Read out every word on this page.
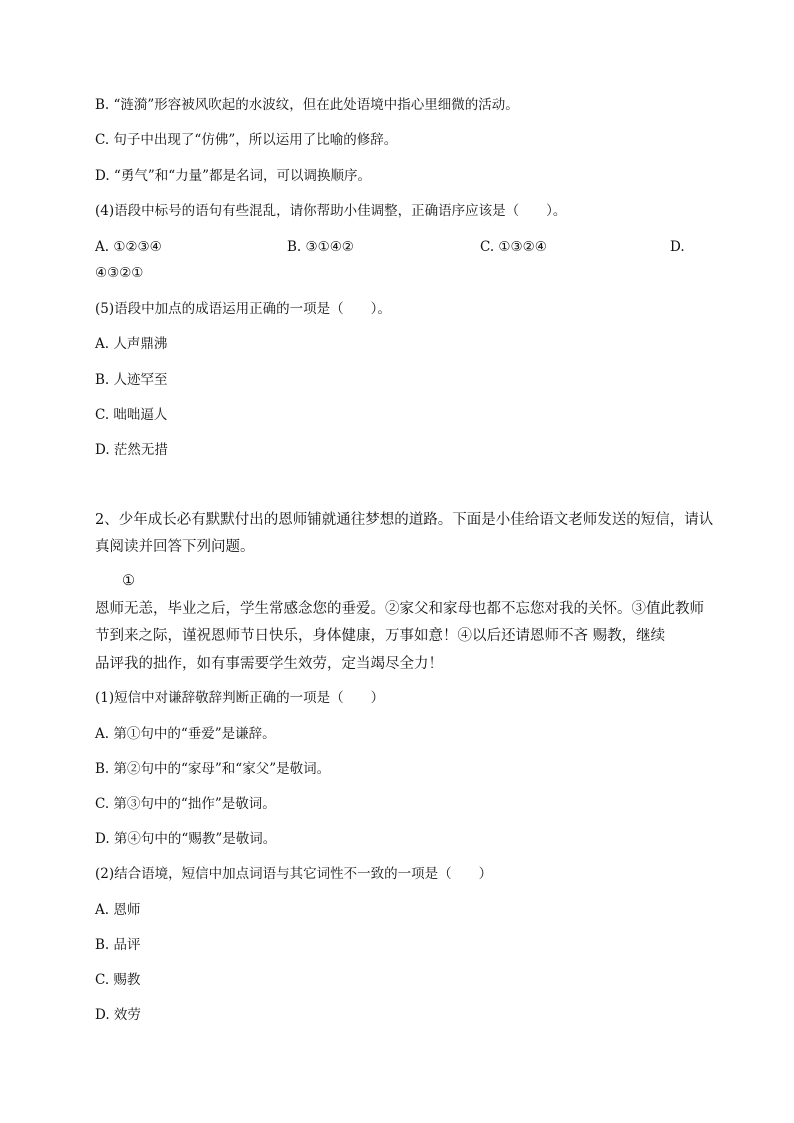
B. “涟漪”形容被风吹起的水波纹，但在此处语境中指心里细微的活动。
C. 句子中出现了“仿佛”，所以运用了比喻的修辞。
D. “勇气”和“力量”都是名词，可以调换顺序。
(4)语段中标号的语句有些混乱，请你帮助小佳调整，正确语序应该是（　　）。
A. ①②③④	B. ③①④②	C. ①③②④	D.
④③②①
(5)语段中加点的成语运用正确的一项是（　　）。
A. 人声鼎沸
B. 人迹罕至
C. 咄咄逼人
D. 茫然无措
2、少年成长必有默默付出的恩师铺就通往梦想的道路。下面是小佳给语文老师发送的短信，请认
真阅读并回答下列问题。
①
恩师无恙，毕业之后，学生常感念您的垂爱。②家父和家母也都不忘您对我的关怀。③值此教师
节到来之际，谨祝恩师节日快乐，身体健康，万事如意！④以后还请恩师不吝 赐教，继续
品评我的拙作，如有事需要学生效劳，定当竭尽全力！
(1)短信中对谦辞敬辞判断正确的一项是（　　）
A. 第①句中的“垂爱”是谦辞。
B. 第②句中的“家母”和“家父”是敬词。
C. 第③句中的“拙作”是敬词。
D. 第④句中的“赐教”是敬词。
(2)结合语境，短信中加点词语与其它词性不一致的一项是（　　）
A. 恩师
B. 品评
C. 赐教
D. 效劳
